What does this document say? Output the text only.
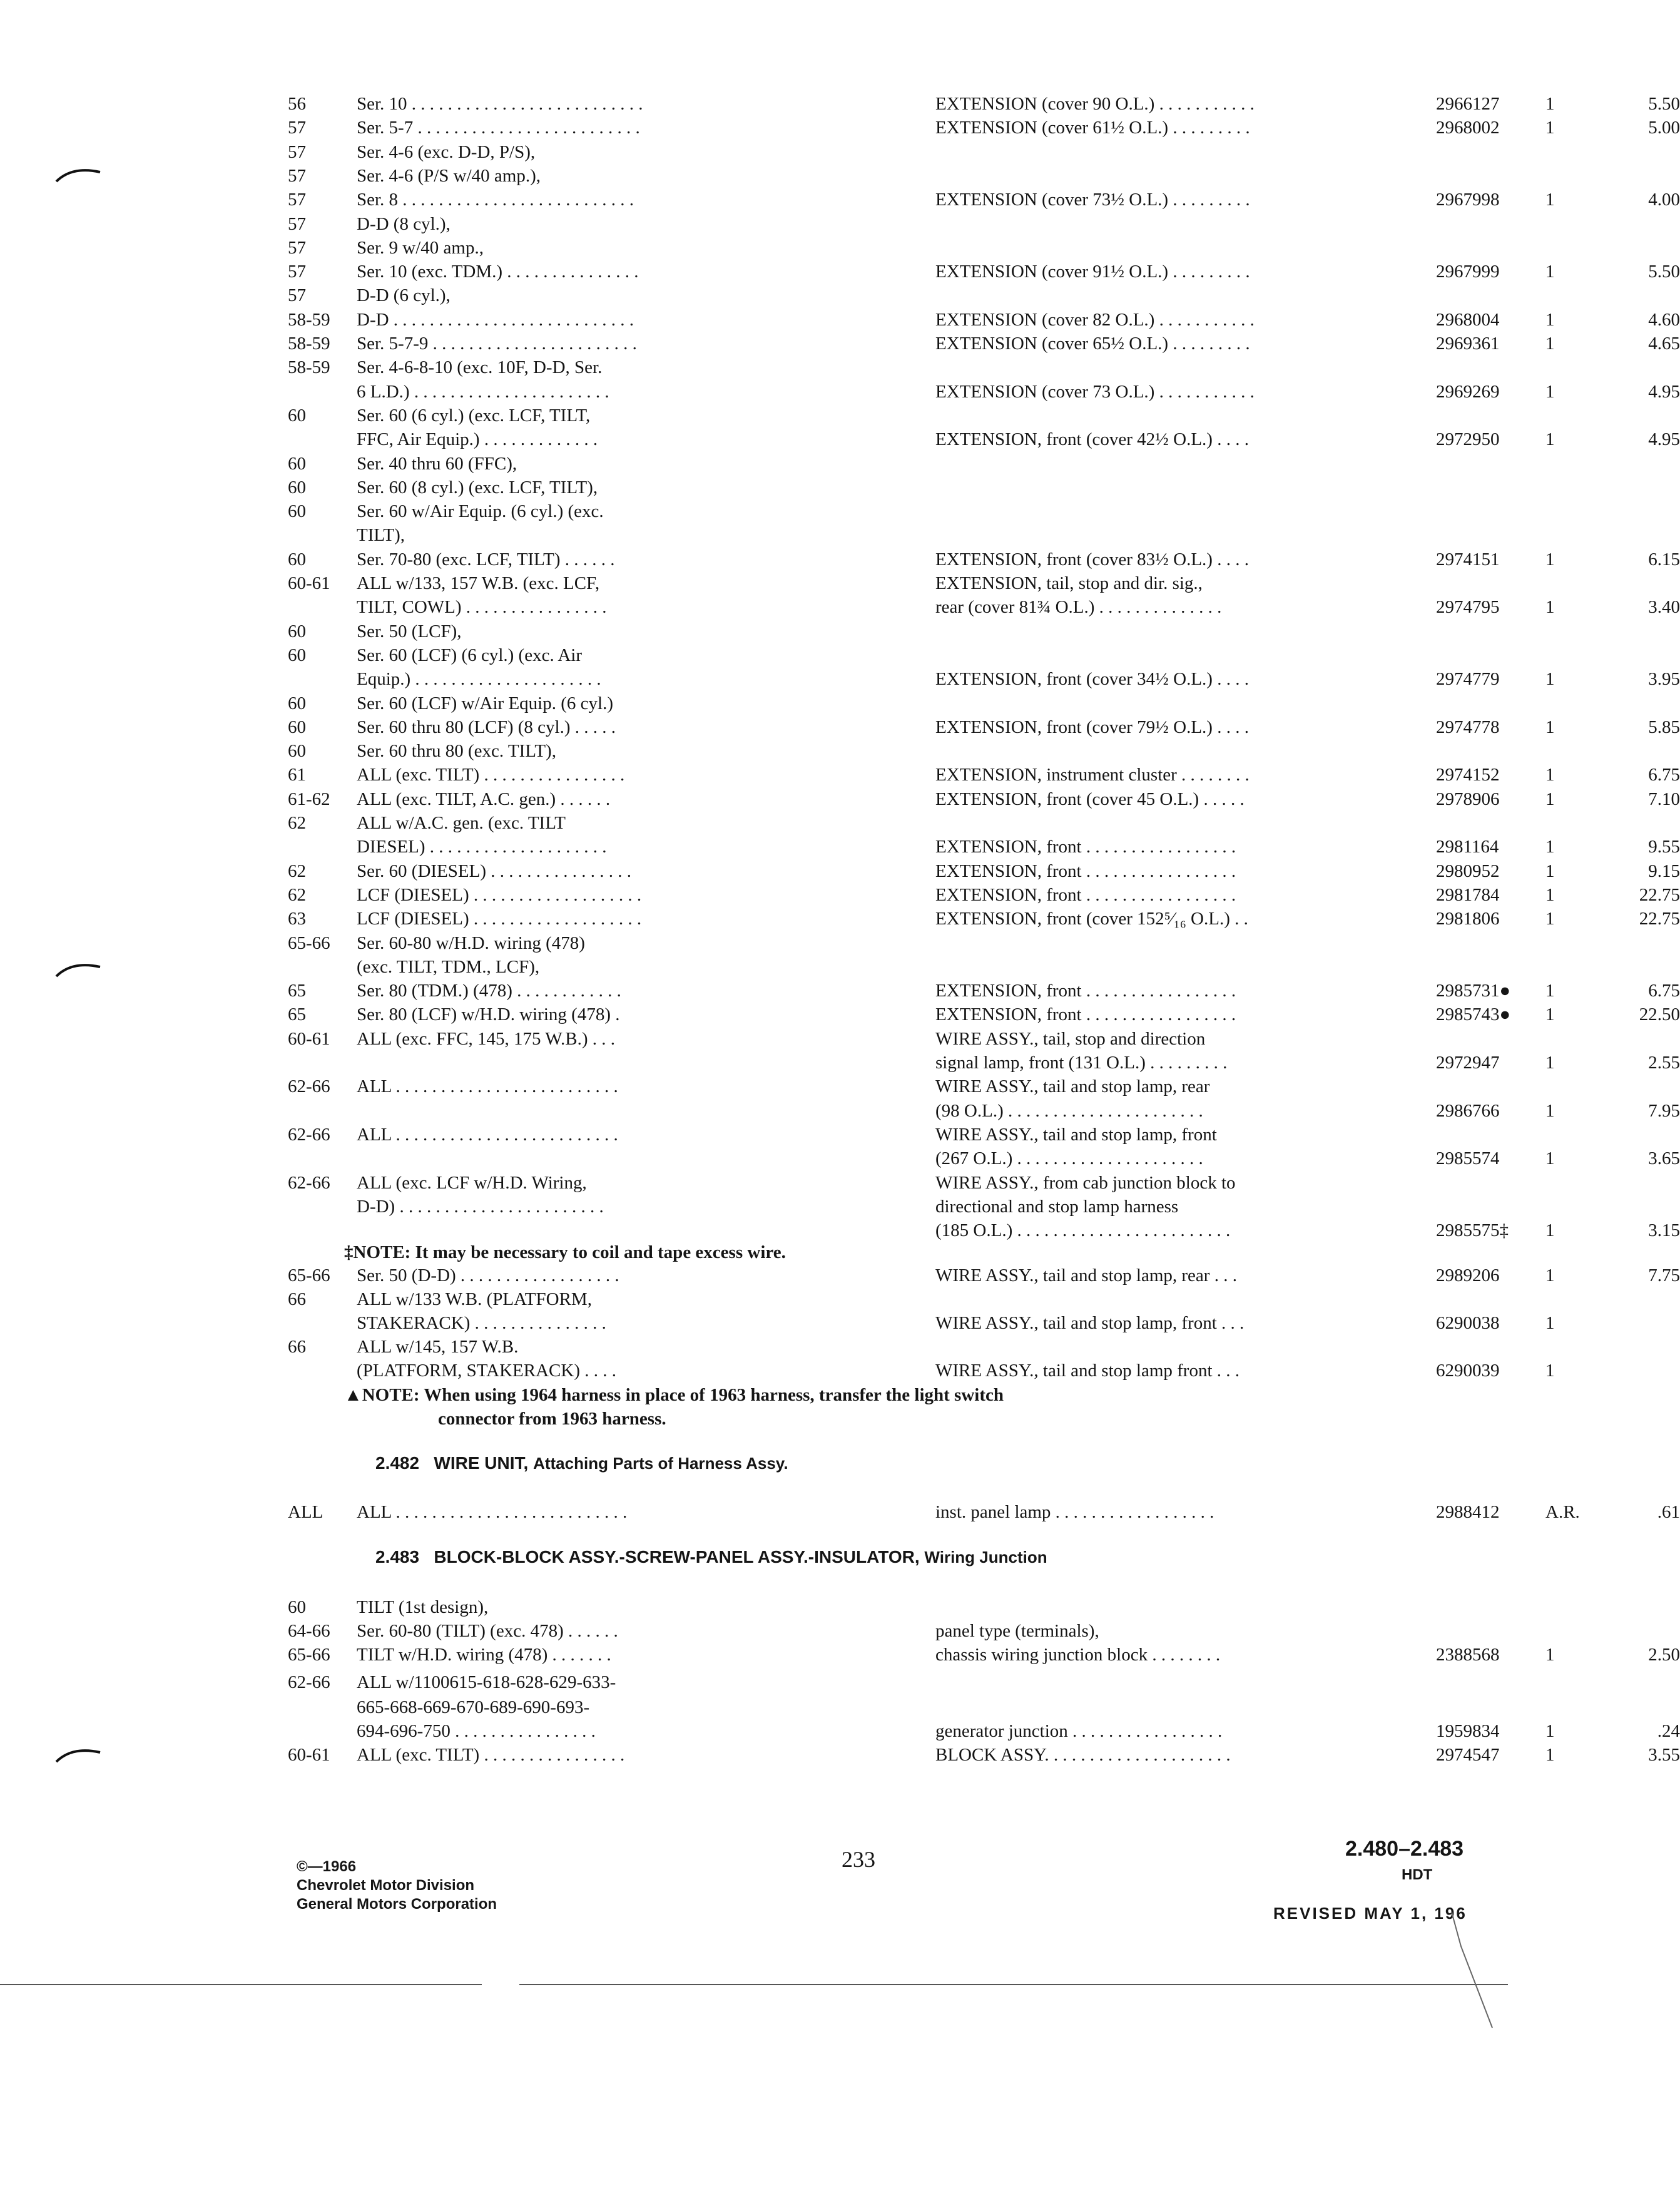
56	Ser. 10 . . . . . . . . . . . . . . . . . . . . . . . . . .	EXTENSION (cover 90 O.L.) . . . . . . . . . . .	2966127	1	5.50
57	Ser. 5-7 . . . . . . . . . . . . . . . . . . . . . . . . .	EXTENSION (cover 61½ O.L.) . . . . . . . . .	2968002	1	5.00
57	Ser. 4-6 (exc. D-D, P/S),
57	Ser. 4-6 (P/S w/40 amp.),
57	Ser. 8 . . . . . . . . . . . . . . . . . . . . . . . . . .	EXTENSION (cover 73½ O.L.) . . . . . . . . .	2967998	1	4.00
57	D-D (8 cyl.),
57	Ser. 9 w/40 amp.,
57	Ser. 10 (exc. TDM.) . . . . . . . . . . . . . . .	EXTENSION (cover 91½ O.L.) . . . . . . . . .	2967999	1	5.50
57	D-D (6 cyl.),
58-59	D-D . . . . . . . . . . . . . . . . . . . . . . . . . . .	EXTENSION (cover 82 O.L.) . . . . . . . . . . .	2968004	1	4.60
58-59	Ser. 5-7-9 . . . . . . . . . . . . . . . . . . . . . . .	EXTENSION (cover 65½ O.L.) . . . . . . . . .	2969361	1	4.65
58-59	Ser. 4-6-8-10 (exc. 10F, D-D, Ser.
6 L.D.) . . . . . . . . . . . . . . . . . . . . . .	EXTENSION (cover 73 O.L.) . . . . . . . . . . .	2969269	1	4.95
60	Ser. 60 (6 cyl.) (exc. LCF, TILT,
FFC, Air Equip.) . . . . . . . . . . . . .	EXTENSION, front (cover 42½ O.L.) . . . .	2972950	1	4.95
60	Ser. 40 thru 60 (FFC),
60	Ser. 60 (8 cyl.) (exc. LCF, TILT),
60	Ser. 60 w/Air Equip. (6 cyl.) (exc.
TILT),
60	Ser. 70-80 (exc. LCF, TILT) . . . . . .	EXTENSION, front (cover 83½ O.L.) . . . .	2974151	1	6.15
60-61	ALL w/133, 157 W.B. (exc. LCF,	EXTENSION, tail, stop and dir. sig.,
TILT, COWL) . . . . . . . . . . . . . . . .	rear (cover 81¾ O.L.) . . . . . . . . . . . . . .	2974795	1	3.40
60	Ser. 50 (LCF),
60	Ser. 60 (LCF) (6 cyl.) (exc. Air
Equip.) . . . . . . . . . . . . . . . . . . . . .	EXTENSION, front (cover 34½ O.L.) . . . .	2974779	1	3.95
60	Ser. 60 (LCF) w/Air Equip. (6 cyl.)
60	Ser. 60 thru 80 (LCF) (8 cyl.) . . . . .	EXTENSION, front (cover 79½ O.L.) . . . .	2974778	1	5.85
60	Ser. 60 thru 80 (exc. TILT),
61	ALL (exc. TILT) . . . . . . . . . . . . . . . .	EXTENSION, instrument cluster . . . . . . . .	2974152	1	6.75
61-62	ALL (exc. TILT, A.C. gen.) . . . . . .	EXTENSION, front (cover 45 O.L.) . . . . .	2978906	1	7.10
62	ALL w/A.C. gen. (exc. TILT
DIESEL) . . . . . . . . . . . . . . . . . . . .	EXTENSION, front . . . . . . . . . . . . . . . . .	2981164	1	9.55
62	Ser. 60 (DIESEL) . . . . . . . . . . . . . . . .	EXTENSION, front . . . . . . . . . . . . . . . . .	2980952	1	9.15
62	LCF (DIESEL) . . . . . . . . . . . . . . . . . . .	EXTENSION, front . . . . . . . . . . . . . . . . .	2981784	1	22.75
63	LCF (DIESEL) . . . . . . . . . . . . . . . . . . .	EXTENSION, front (cover 152⁵⁄₁₆ O.L.) . .	2981806	1	22.75
65-66	Ser. 60-80 w/H.D. wiring (478)
(exc. TILT, TDM., LCF),
65	Ser. 80 (TDM.) (478) . . . . . . . . . . . .	EXTENSION, front . . . . . . . . . . . . . . . . .	2985731●	1	6.75
65	Ser. 80 (LCF) w/H.D. wiring (478) .	EXTENSION, front . . . . . . . . . . . . . . . . .	2985743●	1	22.50
60-61	ALL (exc. FFC, 145, 175 W.B.) . . .	WIRE ASSY., tail, stop and direction
signal lamp, front (131 O.L.) . . . . . . . . .	2972947	1	2.55
62-66	ALL . . . . . . . . . . . . . . . . . . . . . . . . .	WIRE ASSY., tail and stop lamp, rear
(98 O.L.) . . . . . . . . . . . . . . . . . . . . . .	2986766	1	7.95
62-66	ALL . . . . . . . . . . . . . . . . . . . . . . . . .	WIRE ASSY., tail and stop lamp, front
(267 O.L.) . . . . . . . . . . . . . . . . . . . . .	2985574	1	3.65
62-66	ALL (exc. LCF w/H.D. Wiring,	WIRE ASSY., from cab junction block to
D-D) . . . . . . . . . . . . . . . . . . . . . . .	directional and stop lamp harness
(185 O.L.) . . . . . . . . . . . . . . . . . . . . . . . .	2985575‡	1	3.15
‡NOTE: It may be necessary to coil and tape excess wire.
65-66	Ser. 50 (D-D) . . . . . . . . . . . . . . . . . .	WIRE ASSY., tail and stop lamp, rear . . .	2989206	1	7.75
66	ALL w/133 W.B. (PLATFORM,
STAKERACK) . . . . . . . . . . . . . . .	WIRE ASSY., tail and stop lamp, front . . .	6290038	1
66	ALL w/145, 157 W.B.
(PLATFORM, STAKERACK) . . . .	WIRE ASSY., tail and stop lamp front . . .	6290039	1
▲NOTE: When using 1964 harness in place of 1963 harness, transfer the light switch
connector from 1963 harness.
2.482 WIRE UNIT, Attaching Parts of Harness Assy.
ALL	ALL . . . . . . . . . . . . . . . . . . . . . . . . . .	inst. panel lamp . . . . . . . . . . . . . . . . . .	2988412	A.R.	.61
2.483 BLOCK-BLOCK ASSY.-SCREW-PANEL ASSY.-INSULATOR, Wiring Junction
60	TILT (1st design),
64-66	Ser. 60-80 (TILT) (exc. 478) . . . . . .	panel type (terminals),
65-66	TILT w/H.D. wiring (478) . . . . . . .	chassis wiring junction block . . . . . . . .	2388568	1	2.50
62-66	ALL w/1100615-618-628-629-633-
665-668-669-670-689-690-693-
694-696-750 . . . . . . . . . . . . . . . .	generator junction . . . . . . . . . . . . . . . . .	1959834	1	.24
60-61	ALL (exc. TILT) . . . . . . . . . . . . . . . .	BLOCK ASSY. . . . . . . . . . . . . . . . . . . . .	2974547	1	3.55
©—1966
Chevrolet Motor Division
General Motors Corporation
233	2.480–2.483
HDT
REVISED MAY 1, 196
